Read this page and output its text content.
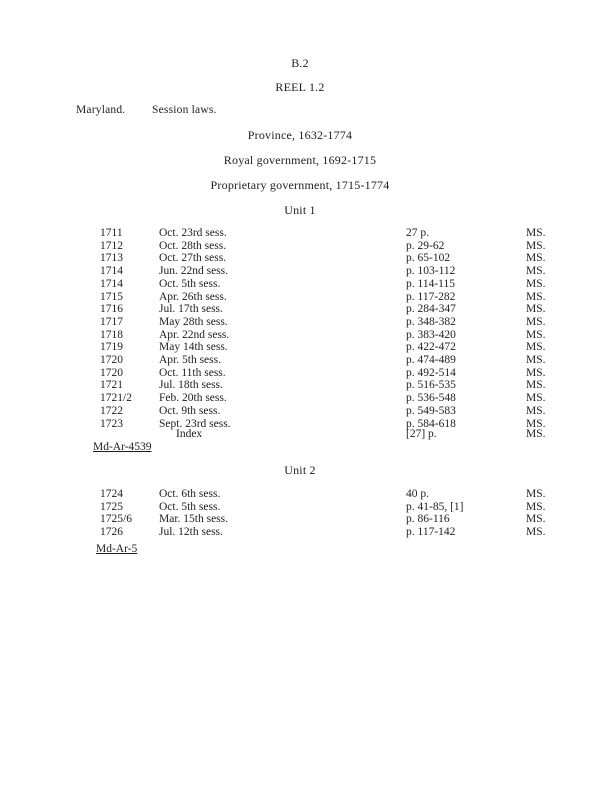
B.2
REEL 1.2
Maryland. Session laws.
Province, 1632-1774
Royal government, 1692-1715
Proprietary government, 1715-1774
Unit 1
1711	Oct. 23rd sess.	27 p.	MS.
1712	Oct. 28th sess.	p. 29-62	MS.
1713	Oct. 27th sess.	p. 65-102	MS.
1714	Jun. 22nd sess.	p. 103-112	MS.
1714	Oct. 5th sess.	p. 114-115	MS.
1715	Apr. 26th sess.	p. 117-282	MS.
1716	Jul. 17th sess.	p. 284-347	MS.
1717	May 28th sess.	p. 348-382	MS.
1718	Apr. 22nd sess.	p. 383-420	MS.
1719	May 14th sess.	p. 422-472	MS.
1720	Apr. 5th sess.	p. 474-489	MS.
1720	Oct. 11th sess.	p. 492-514	MS.
1721	Jul. 18th sess.	p. 516-535	MS.
1721/2 Feb. 20th sess.	p. 536-548	MS.
1722	Oct. 9th sess.	p. 549-583	MS.
1723	Sept. 23rd sess.	p. 584-618	MS.
Index	[27] p.	MS.
Md-Ar-4539
Unit 2
1724	Oct. 6th sess.	40 p.	MS.
1725	Oct. 5th sess.	p. 41-85, [1]	MS.
1725/6 Mar. 15th sess.	p. 86-116	MS.
1726	Jul. 12th sess.	p. 117-142	MS.
Md-Ar-5
